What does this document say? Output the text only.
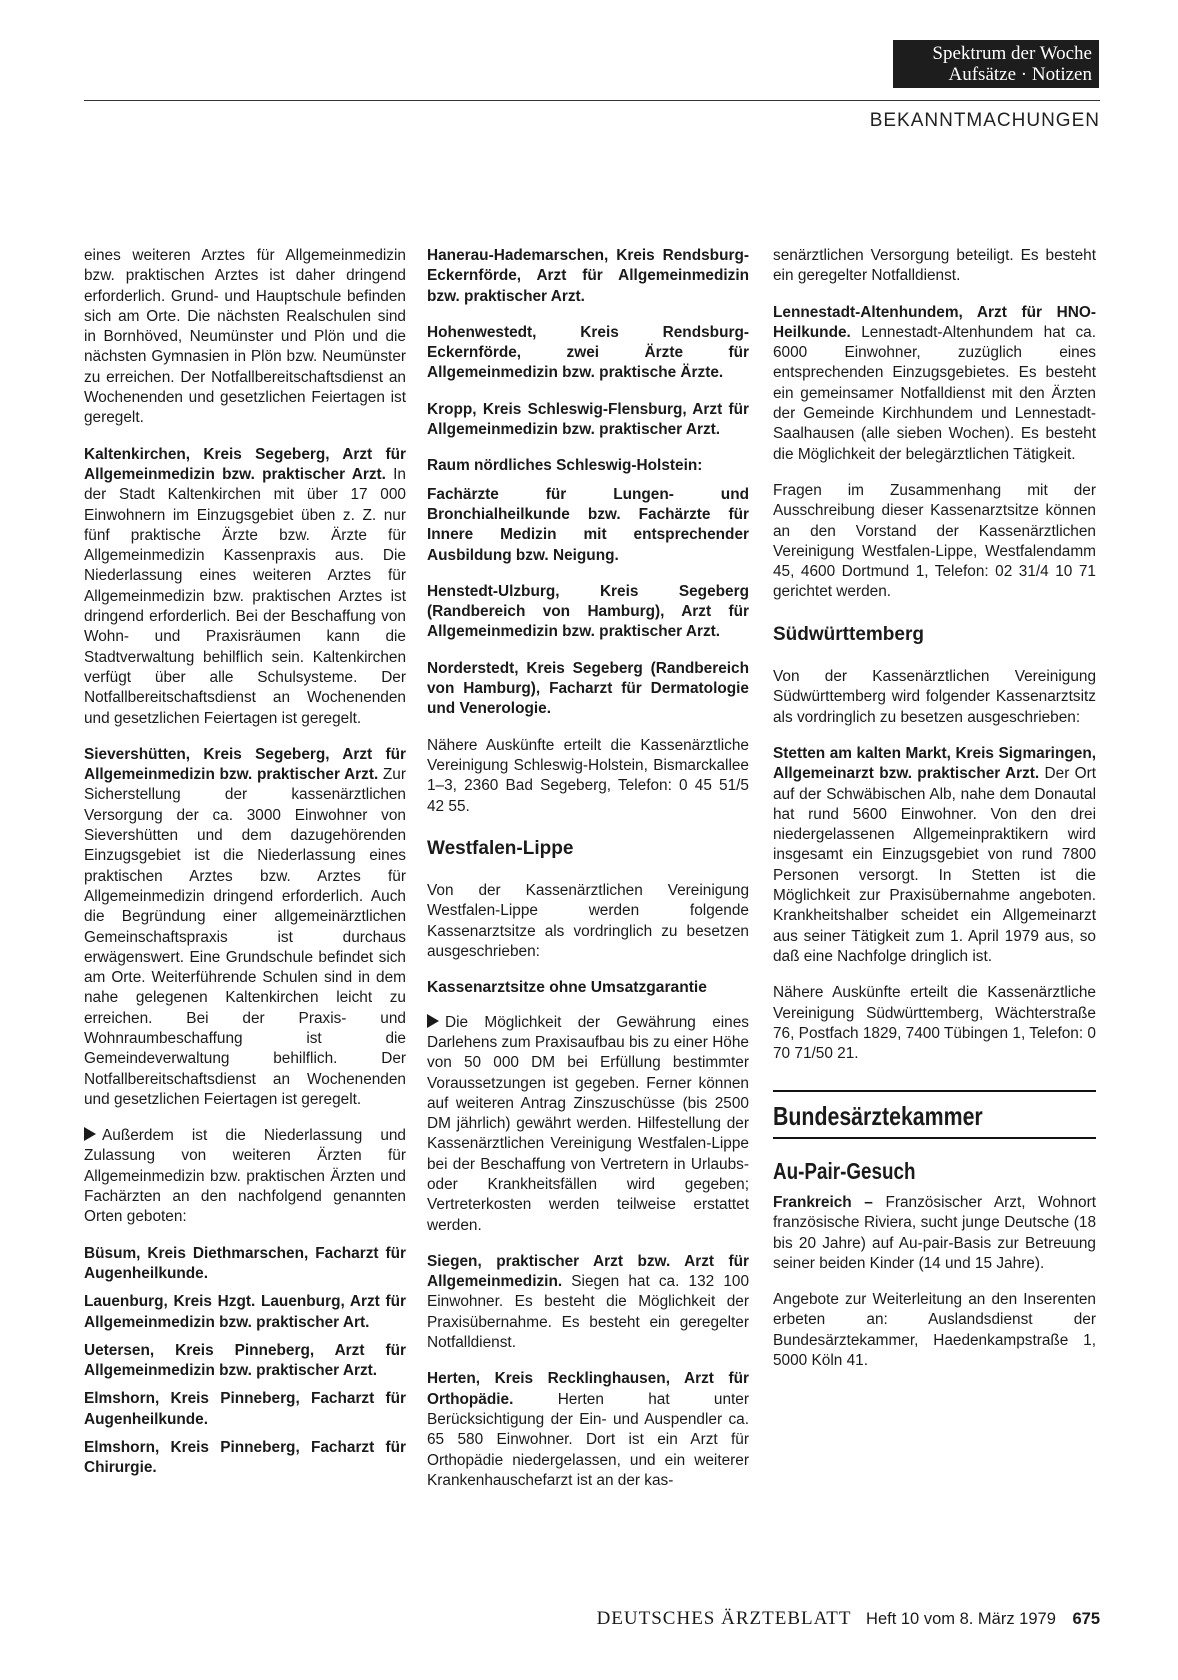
Spektrum der Woche
Aufsätze · Notizen
BEKANNTMACHUNGEN

eines weiteren Arztes für Allgemeinmedizin bzw. praktischen Arztes ist daher dringend erforderlich. Grund- und Hauptschule befinden sich am Orte. Die nächsten Realschulen sind in Bornhöved, Neumünster und Plön und die nächsten Gymnasien in Plön bzw. Neumünster zu erreichen. Der Notfallbereitschaftsdienst an Wochenenden und gesetzlichen Feiertagen ist geregelt.

Kaltenkirchen, Kreis Segeberg, Arzt für Allgemeinmedizin bzw. praktischer Arzt. In der Stadt Kaltenkirchen mit über 17 000 Einwohnern im Einzugsgebiet üben z. Z. nur fünf praktische Ärzte bzw. Ärzte für Allgemeinmedizin Kassenpraxis aus. Die Niederlassung eines weiteren Arztes für Allgemeinmedizin bzw. praktischen Arztes ist dringend erforderlich. Bei der Beschaffung von Wohn- und Praxisräumen kann die Stadtverwaltung behilflich sein. Kaltenkirchen verfügt über alle Schulsysteme. Der Notfallbereitschaftsdienst an Wochenenden und gesetzlichen Feiertagen ist geregelt.

Sievershütten, Kreis Segeberg, Arzt für Allgemeinmedizin bzw. praktischer Arzt. Zur Sicherstellung der kassenärztlichen Versorgung der ca. 3000 Einwohner von Sievershütten und dem dazugehörenden Einzugsgebiet ist die Niederlassung eines praktischen Arztes bzw. Arztes für Allgemeinmedizin dringend erforderlich. Auch die Begründung einer allgemeinärztlichen Gemeinschaftspraxis ist durchaus erwägenswert. Eine Grundschule befindet sich am Orte. Weiterführende Schulen sind in dem nahe gelegenen Kaltenkirchen leicht zu erreichen. Bei der Praxis- und Wohnraumbeschaffung ist die Gemeindeverwaltung behilflich. Der Notfallbereitschaftsdienst an Wochenenden und gesetzlichen Feiertagen ist geregelt.

Außerdem ist die Niederlassung und Zulassung von weiteren Ärzten für Allgemeinmedizin bzw. praktischen Ärzten und Fachärzten an den nachfolgend genannten Orten geboten:

Büsum, Kreis Diethmarschen, Facharzt für Augenheilkunde.
Lauenburg, Kreis Hzgt. Lauenburg, Arzt für Allgemeinmedizin bzw. praktischer Art.
Uetersen, Kreis Pinneberg, Arzt für Allgemeinmedizin bzw. praktischer Arzt.
Elmshorn, Kreis Pinneberg, Facharzt für Augenheilkunde.
Elmshorn, Kreis Pinneberg, Facharzt für Chirurgie.
Hanerau-Hademarschen, Kreis Rendsburg-Eckernförde, Arzt für Allgemeinmedizin bzw. praktischer Arzt.
Hohenwestedt, Kreis Rendsburg-Eckernförde, zwei Ärzte für Allgemeinmedizin bzw. praktische Ärzte.
Kropp, Kreis Schleswig-Flensburg, Arzt für Allgemeinmedizin bzw. praktischer Arzt.
Raum nördliches Schleswig-Holstein:
Fachärzte für Lungen- und Bronchialheilkunde bzw. Fachärzte für Innere Medizin mit entsprechender Ausbildung bzw. Neigung.
Henstedt-Ulzburg, Kreis Segeberg (Randbereich von Hamburg), Arzt für Allgemeinmedizin bzw. praktischer Arzt.
Norderstedt, Kreis Segeberg (Randbereich von Hamburg), Facharzt für Dermatologie und Venerologie.

Nähere Auskünfte erteilt die Kassenärztliche Vereinigung Schleswig-Holstein, Bismarckallee 1–3, 2360 Bad Segeberg, Telefon: 0 45 51/5 42 55.

Westfalen-Lippe

Von der Kassenärztlichen Vereinigung Westfalen-Lippe werden folgende Kassenarztsitze als vordringlich zu besetzen ausgeschrieben:

Kassenarztsitze ohne Umsatzgarantie

Die Möglichkeit der Gewährung eines Darlehens zum Praxisaufbau bis zu einer Höhe von 50 000 DM bei Erfüllung bestimmter Voraussetzungen ist gegeben. Ferner können auf weiteren Antrag Zinszuschüsse (bis 2500 DM jährlich) gewährt werden. Hilfestellung der Kassenärztlichen Vereinigung Westfalen-Lippe bei der Beschaffung von Vertretern in Urlaubs- oder Krankheitsfällen wird gegeben; Vertreterkosten werden teilweise erstattet werden.

Siegen, praktischer Arzt bzw. Arzt für Allgemeinmedizin. Siegen hat ca. 132 100 Einwohner. Es besteht die Möglichkeit der Praxisübernahme. Es besteht ein geregelter Notfalldienst.

Herten, Kreis Recklinghausen, Arzt für Orthopädie.	Herten hat unter Berücksichtigung der Ein- und Auspendler ca. 65 580 Einwohner. Dort ist ein Arzt für Orthopädie niedergelassen, und ein weiterer Krankenhauschefarzt ist an der kas-

senärztlichen Versorgung beteiligt. Es besteht ein geregelter Notfalldienst.

Lennestadt-Altenhundem, Arzt für HNO-Heilkunde. Lennestadt-Altenhundem hat ca. 6000 Einwohner, zuzüglich eines entsprechenden Einzugsgebietes. Es besteht ein gemeinsamer Notfalldienst mit den Ärzten der Gemeinde Kirchhundem und Lennestadt-Saalhausen (alle sieben Wochen). Es besteht die Möglichkeit der belegärztlichen Tätigkeit.

Fragen im Zusammenhang mit der Ausschreibung dieser Kassenarztsitze können an den Vorstand der Kassenärztlichen Vereinigung Westfalen-Lippe, Westfalendamm 45, 4600 Dortmund 1, Telefon: 02 31/4 10 71 gerichtet werden.

Südwürttemberg

Von der Kassenärztlichen Vereinigung Südwürttemberg wird folgender Kassenarztsitz als vordringlich zu besetzen ausgeschrieben:

Stetten am kalten Markt, Kreis Sigmaringen, Allgemeinarzt bzw. praktischer Arzt. Der Ort auf der Schwäbischen Alb, nahe dem Donautal hat rund 5600 Einwohner. Von den drei niedergelassenen Allgemeinpraktikern wird insgesamt ein Einzugsgebiet von rund 7800 Personen versorgt. In Stetten ist die Möglichkeit zur Praxisübernahme angeboten. Krankheitshalber scheidet ein Allgemeinarzt aus seiner Tätigkeit zum 1. April 1979 aus, so daß eine Nachfolge dringlich ist.

Nähere Auskünfte erteilt die Kassenärztliche Vereinigung Südwürttemberg, Wächterstraße 76, Postfach 1829, 7400 Tübingen 1, Telefon: 0 70 71/50 21.

Bundesärztekammer
Au-Pair-Gesuch

Frankreich – Französischer Arzt, Wohnort französische Riviera, sucht junge Deutsche (18 bis 20 Jahre) auf Au-pair-Basis zur Betreuung seiner beiden Kinder (14 und 15 Jahre).

Angebote zur Weiterleitung an den Inserenten erbeten an: Auslandsdienst der Bundesärztekammer, Haedenkampstraße 1, 5000 Köln 41.

DEUTSCHES ÄRZTEBLATT Heft 10 vom 8. März 1979 675
